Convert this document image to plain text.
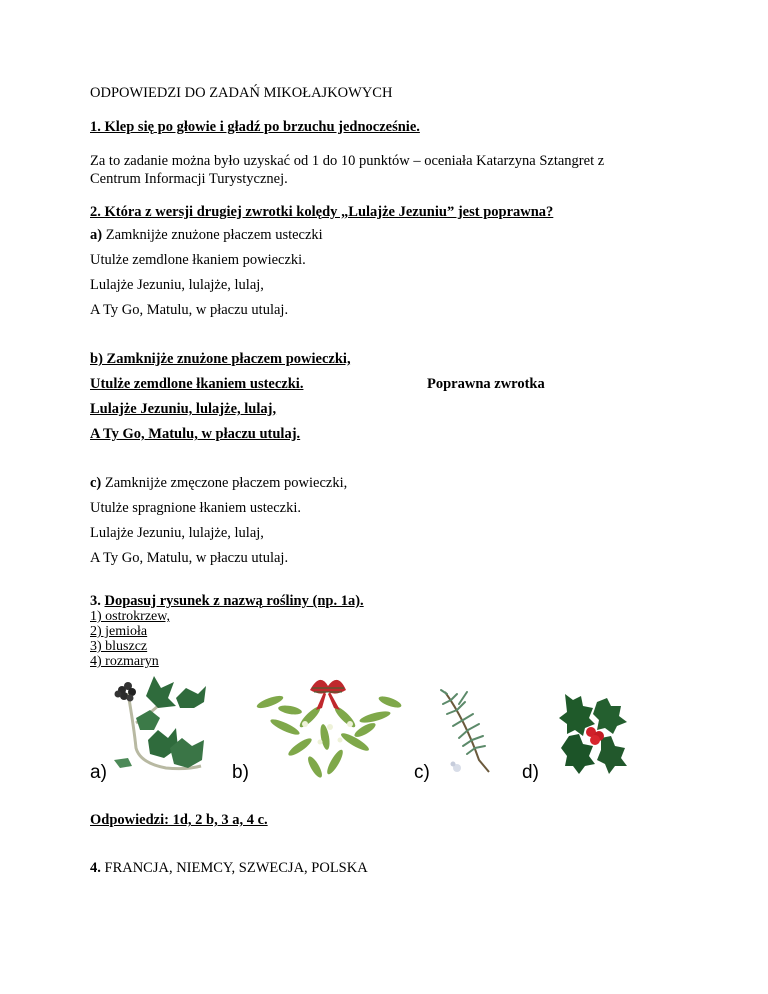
ODPOWIEDZI DO ZADAŃ MIKOŁAJKOWYCH
1. Klep się po głowie i gładź po brzuchu jednocześnie.
Za to zadanie można było uzyskać od 1 do 10 punktów – oceniała Katarzyna Sztangret z
Centrum Informacji Turystycznej.
2. Która z wersji drugiej zwrotki kolędy „Lulajże Jezuniu” jest poprawna?
a) Zamknijże znużone płaczem usteczki
Utulże zemdlone łkaniem powieczki.
Lulajże Jezuniu, lulajże, lulaj,
A Ty Go, Matulu, w płaczu utulaj.
b) Zamknijże znużone płaczem powieczki,
Utulże zemdlone łkaniem usteczki.	Poprawna zwrotka
Lulajże Jezuniu, lulajże, lulaj,
A Ty Go, Matulu, w płaczu utulaj.
c) Zamknijże zmęczone płaczem powieczki,
Utulże spragnione łkaniem usteczki.
Lulajże Jezuniu, lulajże, lulaj,
A Ty Go, Matulu, w płaczu utulaj.
3. Dopasuj rysunek z nazwą rośliny (np. 1a).
1) ostrokrzew,
2) jemioła
3) bluszcz
4) rozmaryn
a)	b)	c)	d)
Odpowiedzi: 1d, 2 b, 3 a, 4 c.
4. FRANCJA, NIEMCY, SZWECJA, POLSKA
